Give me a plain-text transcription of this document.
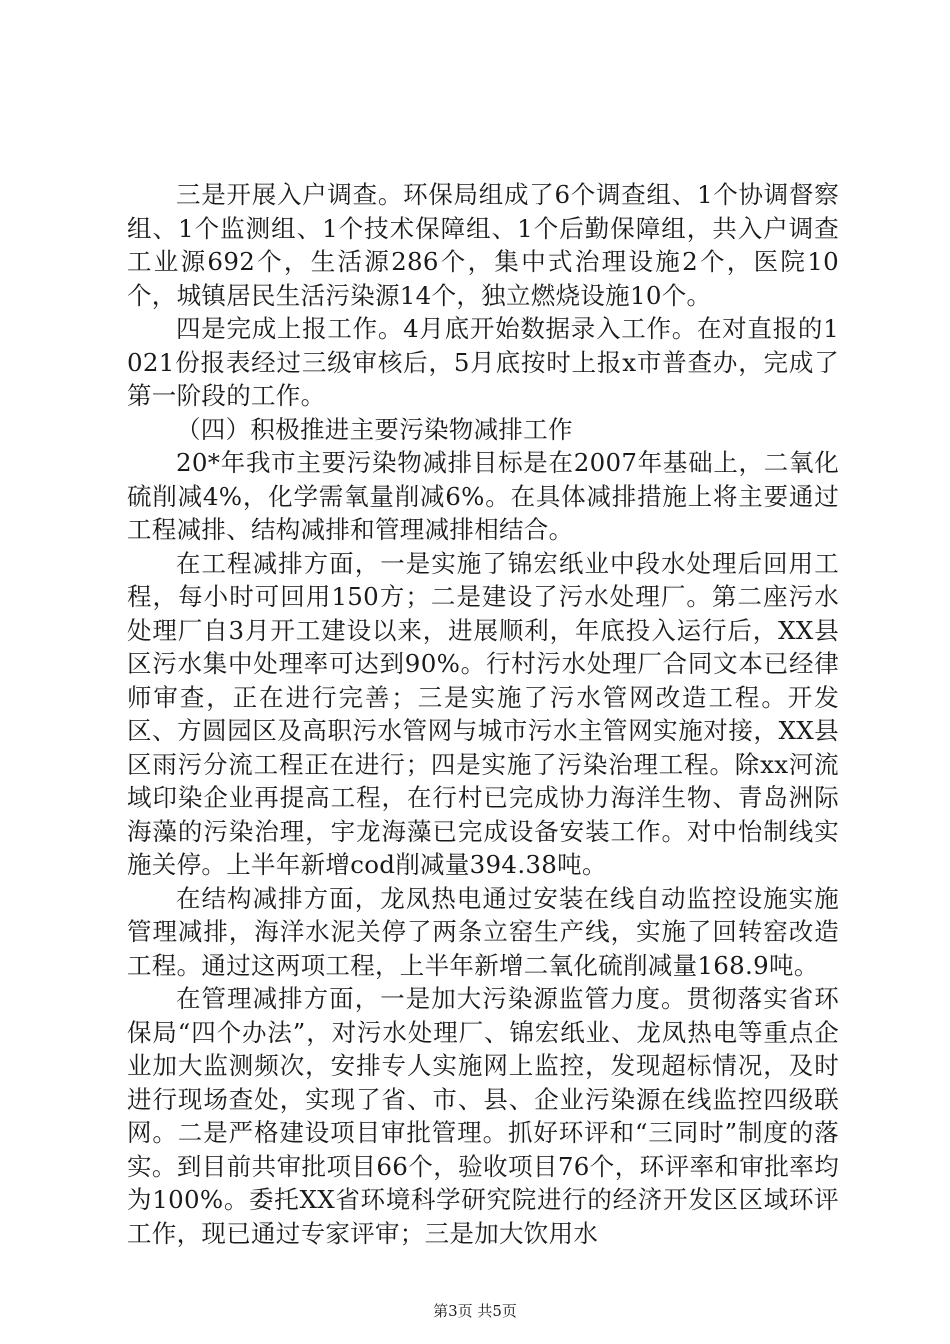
三是开展入户调查。环保局组成了6个调查组、1个协调督察组、1个监测组、1个技术保障组、1个后勤保障组，共入户调查工业源692个，生活源286个，集中式治理设施2个，医院10个，城镇居民生活污染源14个，独立燃烧设施10个。

四是完成上报工作。4月底开始数据录入工作。在对直报的1021份报表经过三级审核后，5月底按时上报x市普查办，完成了第一阶段的工作。

（四）积极推进主要污染物减排工作

20*年我市主要污染物减排目标是在2007年基础上，二氧化硫削减4%，化学需氧量削减6%。在具体减排措施上将主要通过工程减排、结构减排和管理减排相结合。

在工程减排方面，一是实施了锦宏纸业中段水处理后回用工程，每小时可回用150方；二是建设了污水处理厂。第二座污水处理厂自3月开工建设以来，进展顺利，年底投入运行后，XX县区污水集中处理率可达到90%。行村污水处理厂合同文本已经律师审查，正在进行完善；三是实施了污水管网改造工程。开发区、方圆园区及高职污水管网与城市污水主管网实施对接，XX县区雨污分流工程正在进行；四是实施了污染治理工程。除xx河流域印染企业再提高工程，在行村已完成协力海洋生物、青岛洲际海藻的污染治理，宇龙海藻已完成设备安装工作。对中怡制线实施关停。上半年新增cod削减量394.38吨。

在结构减排方面，龙凤热电通过安装在线自动监控设施实施管理减排，海洋水泥关停了两条立窑生产线，实施了回转窑改造工程。通过这两项工程，上半年新增二氧化硫削减量168.9吨。

在管理减排方面，一是加大污染源监管力度。贯彻落实省环保局“四个办法”，对污水处理厂、锦宏纸业、龙凤热电等重点企业加大监测频次，安排专人实施网上监控，发现超标情况，及时进行现场查处，实现了省、市、县、企业污染源在线监控四级联网。二是严格建设项目审批管理。抓好环评和“三同时”制度的落实。到目前共审批项目66个，验收项目76个，环评率和审批率均为100%。委托XX省环境科学研究院进行的经济开发区区域环评工作，现已通过专家评审；三是加大饮用水

第3页 共5页
